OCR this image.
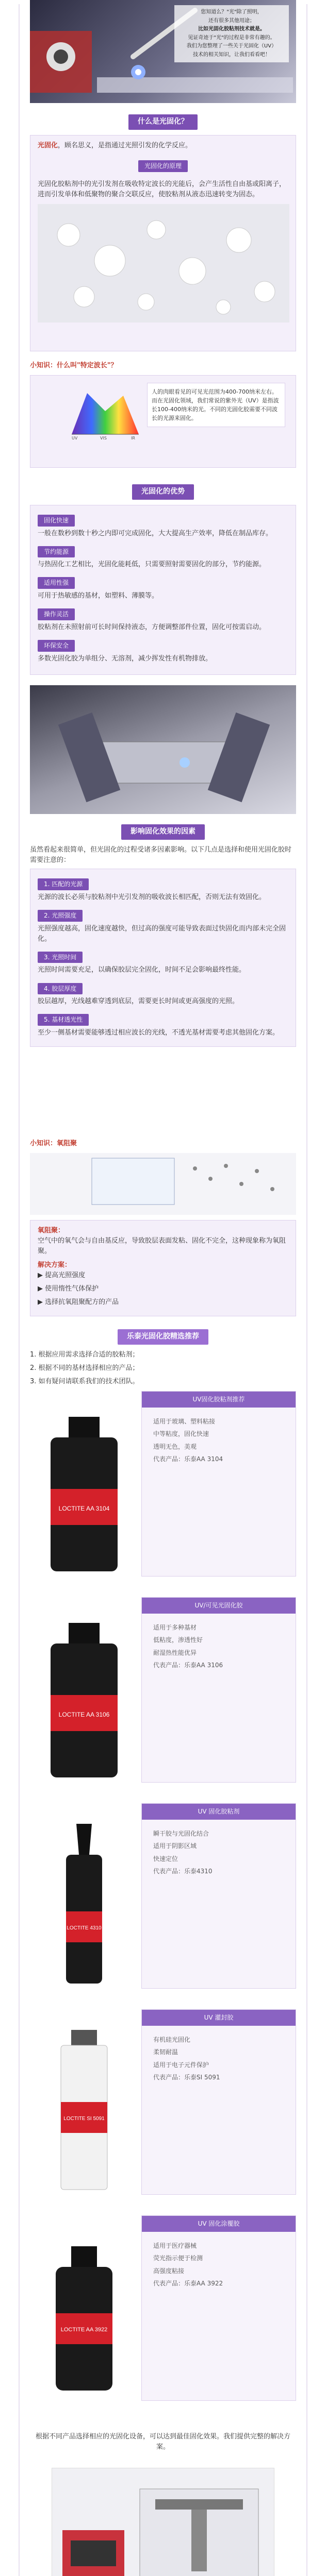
您知道么？"光"除了照明，
还有很多其他用途；
比如光固化胶粘剂技术就是。
见证奇迹于"光"的过程是非常有趣的。
我们为您整理了一些关于光固化（UV）
技术的相关知识，让我们看看吧！
什么是光固化？

光固化，顾名思义，是指通过光照引发的化学反应。

光固化的原理

光固化胶粘剂中的光引发剂在吸收特定波长的光能后，会产生活性自由基或阳离子，进而引发单体和低聚物的聚合交联反应，使胶粘剂从液态迅速转变为固态。

小知识：什么叫"特定波长"？
UV	VIS	IR
人的肉眼看见的可见光范围为400-700纳米左右。而在光固化领域，我们常说的紫外光（UV）是指波长100-400纳米的光。不同的光固化胶需要不同波长的光源来固化。
光固化的优势
固化快速
一般在数秒到数十秒之内即可完成固化，大大提高生产效率，降低在制品库存。
节约能源
与热固化工艺相比，光固化能耗低，只需要照射需要固化的部分，节约能源。
适用性强
可用于热敏感的基材，如塑料、薄膜等。
操作灵活
胶粘剂在未照射前可长时间保持液态，方便调整部件位置，固化可按需启动。
环保安全
多数光固化胶为单组分、无溶剂，减少挥发性有机物排放。
影响固化效果的因素

虽然看起来很简单，但光固化的过程受诸多因素影响。以下几点是选择和使用光固化胶时需要注意的：

1. 匹配的光源
光源的波长必须与胶粘剂中光引发剂的吸收波长相匹配，否则无法有效固化。
2. 光照强度
光照强度越高，固化速度越快，但过高的强度可能导致表面过快固化而内部未完全固化。
3. 光照时间
光照时间需要充足，以确保胶层完全固化，时间不足会影响最终性能。
4. 胶层厚度
胶层越厚，光线越难穿透到底层，需要更长时间或更高强度的光照。
5. 基材透光性
至少一侧基材需要能够透过相应波长的光线，不透光基材需要考虑其他固化方案。
小知识：氧阻聚
氧阻聚：
空气中的氧气会与自由基反应，导致胶层表面发粘、固化不完全，这种现象称为氧阻聚。
解决方案：
▶ 提高光照强度
▶ 使用惰性气体保护
▶ 选择抗氧阻聚配方的产品
乐泰光固化胶精选推荐
1. 根据应用需求选择合适的胶粘剂；
2. 根据不同的基材选择相应的产品；
3. 如有疑问请联系我们的技术团队。
LOCTITE AA 3104
UV固化胶粘剂推荐
适用于玻璃、塑料粘接
中等粘度，固化快速
透明无色，美观
代表产品：乐泰AA 3104
LOCTITE AA 3106
UV/可见光固化胶
适用于多种基材
低粘度，渗透性好
耐湿热性能优异
代表产品：乐泰AA 3106
LOCTITE 4310
UV 固化胶粘剂
瞬干胶与光固化结合
适用于阴影区域
快速定位
代表产品：乐泰4310
LOCTITE SI 5091
UV 灌封胶
有机硅光固化
柔韧耐温
适用于电子元件保护
代表产品：乐泰SI 5091
LOCTITE AA 3922
UV 固化涂覆胶
适用于医疗器械
荧光指示便于检测
高强度粘接
代表产品：乐泰AA 3922
根据不同产品选择相应的光固化设备，可以达到最佳固化效果。我们提供完整的解决方案。
